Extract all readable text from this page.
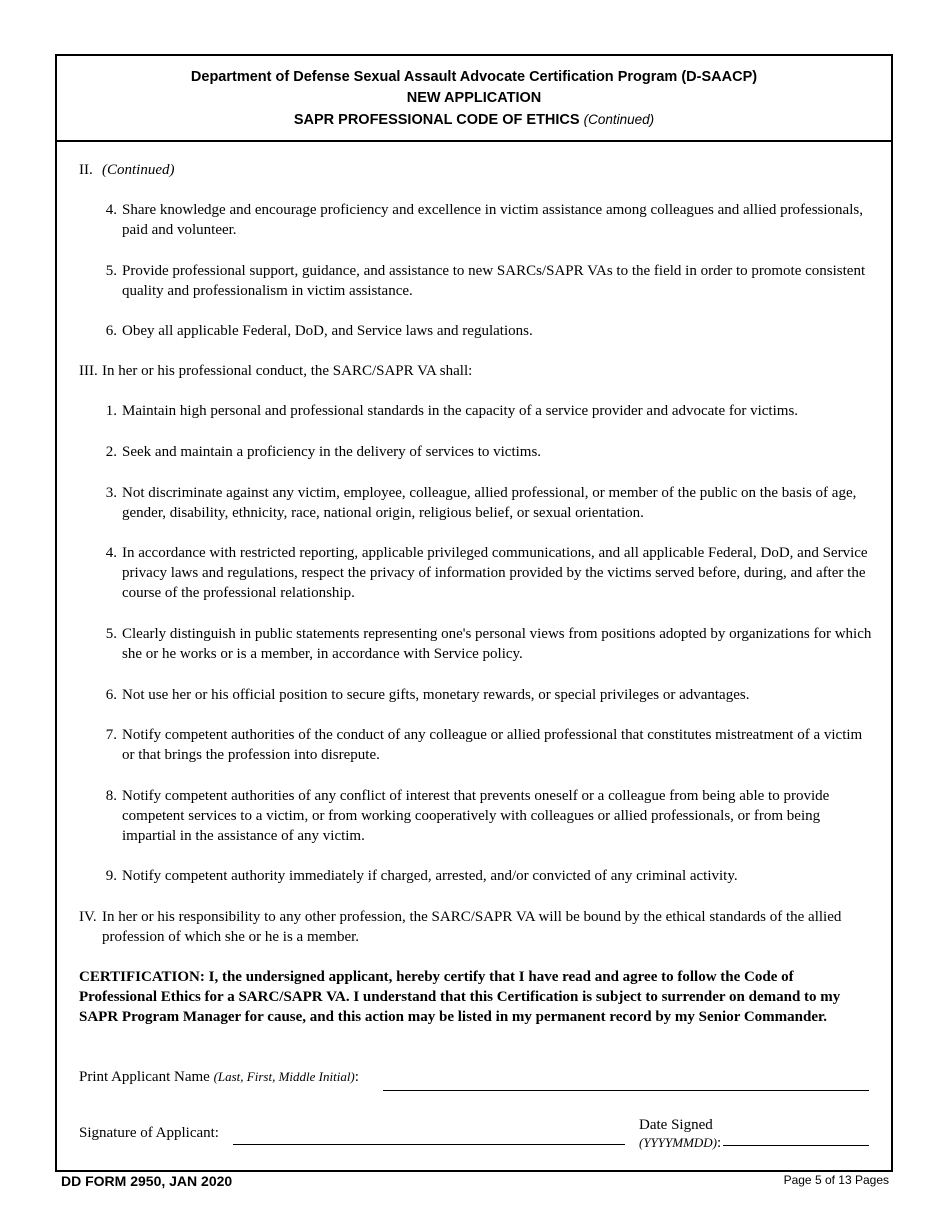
Department of Defense Sexual Assault Advocate Certification Program (D-SAACP)
NEW APPLICATION
SAPR PROFESSIONAL CODE OF ETHICS (Continued)
II. (Continued)
4. Share knowledge and encourage proficiency and excellence in victim assistance among colleagues and allied professionals, paid and volunteer.
5. Provide professional support, guidance, and assistance to new SARCs/SAPR VAs to the field in order to promote consistent quality and professionalism in victim assistance.
6. Obey all applicable Federal, DoD, and Service laws and regulations.
III. In her or his professional conduct, the SARC/SAPR VA shall:
1. Maintain high personal and professional standards in the capacity of a service provider and advocate for victims.
2. Seek and maintain a proficiency in the delivery of services to victims.
3. Not discriminate against any victim, employee, colleague, allied professional, or member of the public on the basis of age, gender, disability, ethnicity, race, national origin, religious belief, or sexual orientation.
4. In accordance with restricted reporting, applicable privileged communications, and all applicable Federal, DoD, and Service privacy laws and regulations, respect the privacy of information provided by the victims served before, during, and after the course of the professional relationship.
5. Clearly distinguish in public statements representing one's personal views from positions adopted by organizations for which she or he works or is a member, in accordance with Service policy.
6. Not use her or his official position to secure gifts, monetary rewards, or special privileges or advantages.
7. Notify competent authorities of the conduct of any colleague or allied professional that constitutes mistreatment of a victim or that brings the profession into disrepute.
8. Notify competent authorities of any conflict of interest that prevents oneself or a colleague from being able to provide competent services to a victim, or from working cooperatively with colleagues or allied professionals, or from being impartial in the assistance of any victim.
9. Notify competent authority immediately if charged, arrested, and/or convicted of any criminal activity.
IV. In her or his responsibility to any other profession, the SARC/SAPR VA will be bound by the ethical standards of the allied profession of which she or he is a member.
CERTIFICATION: I, the undersigned applicant, hereby certify that I have read and agree to follow the Code of Professional Ethics for a SARC/SAPR VA. I understand that this Certification is subject to surrender on demand to my SAPR Program Manager for cause, and this action may be listed in my permanent record by my Senior Commander.
Print Applicant Name (Last, First, Middle Initial):
Signature of Applicant:	Date Signed
(YYYYMMDD):
DD FORM 2950, JAN 2020	Page 5 of 13 Pages
